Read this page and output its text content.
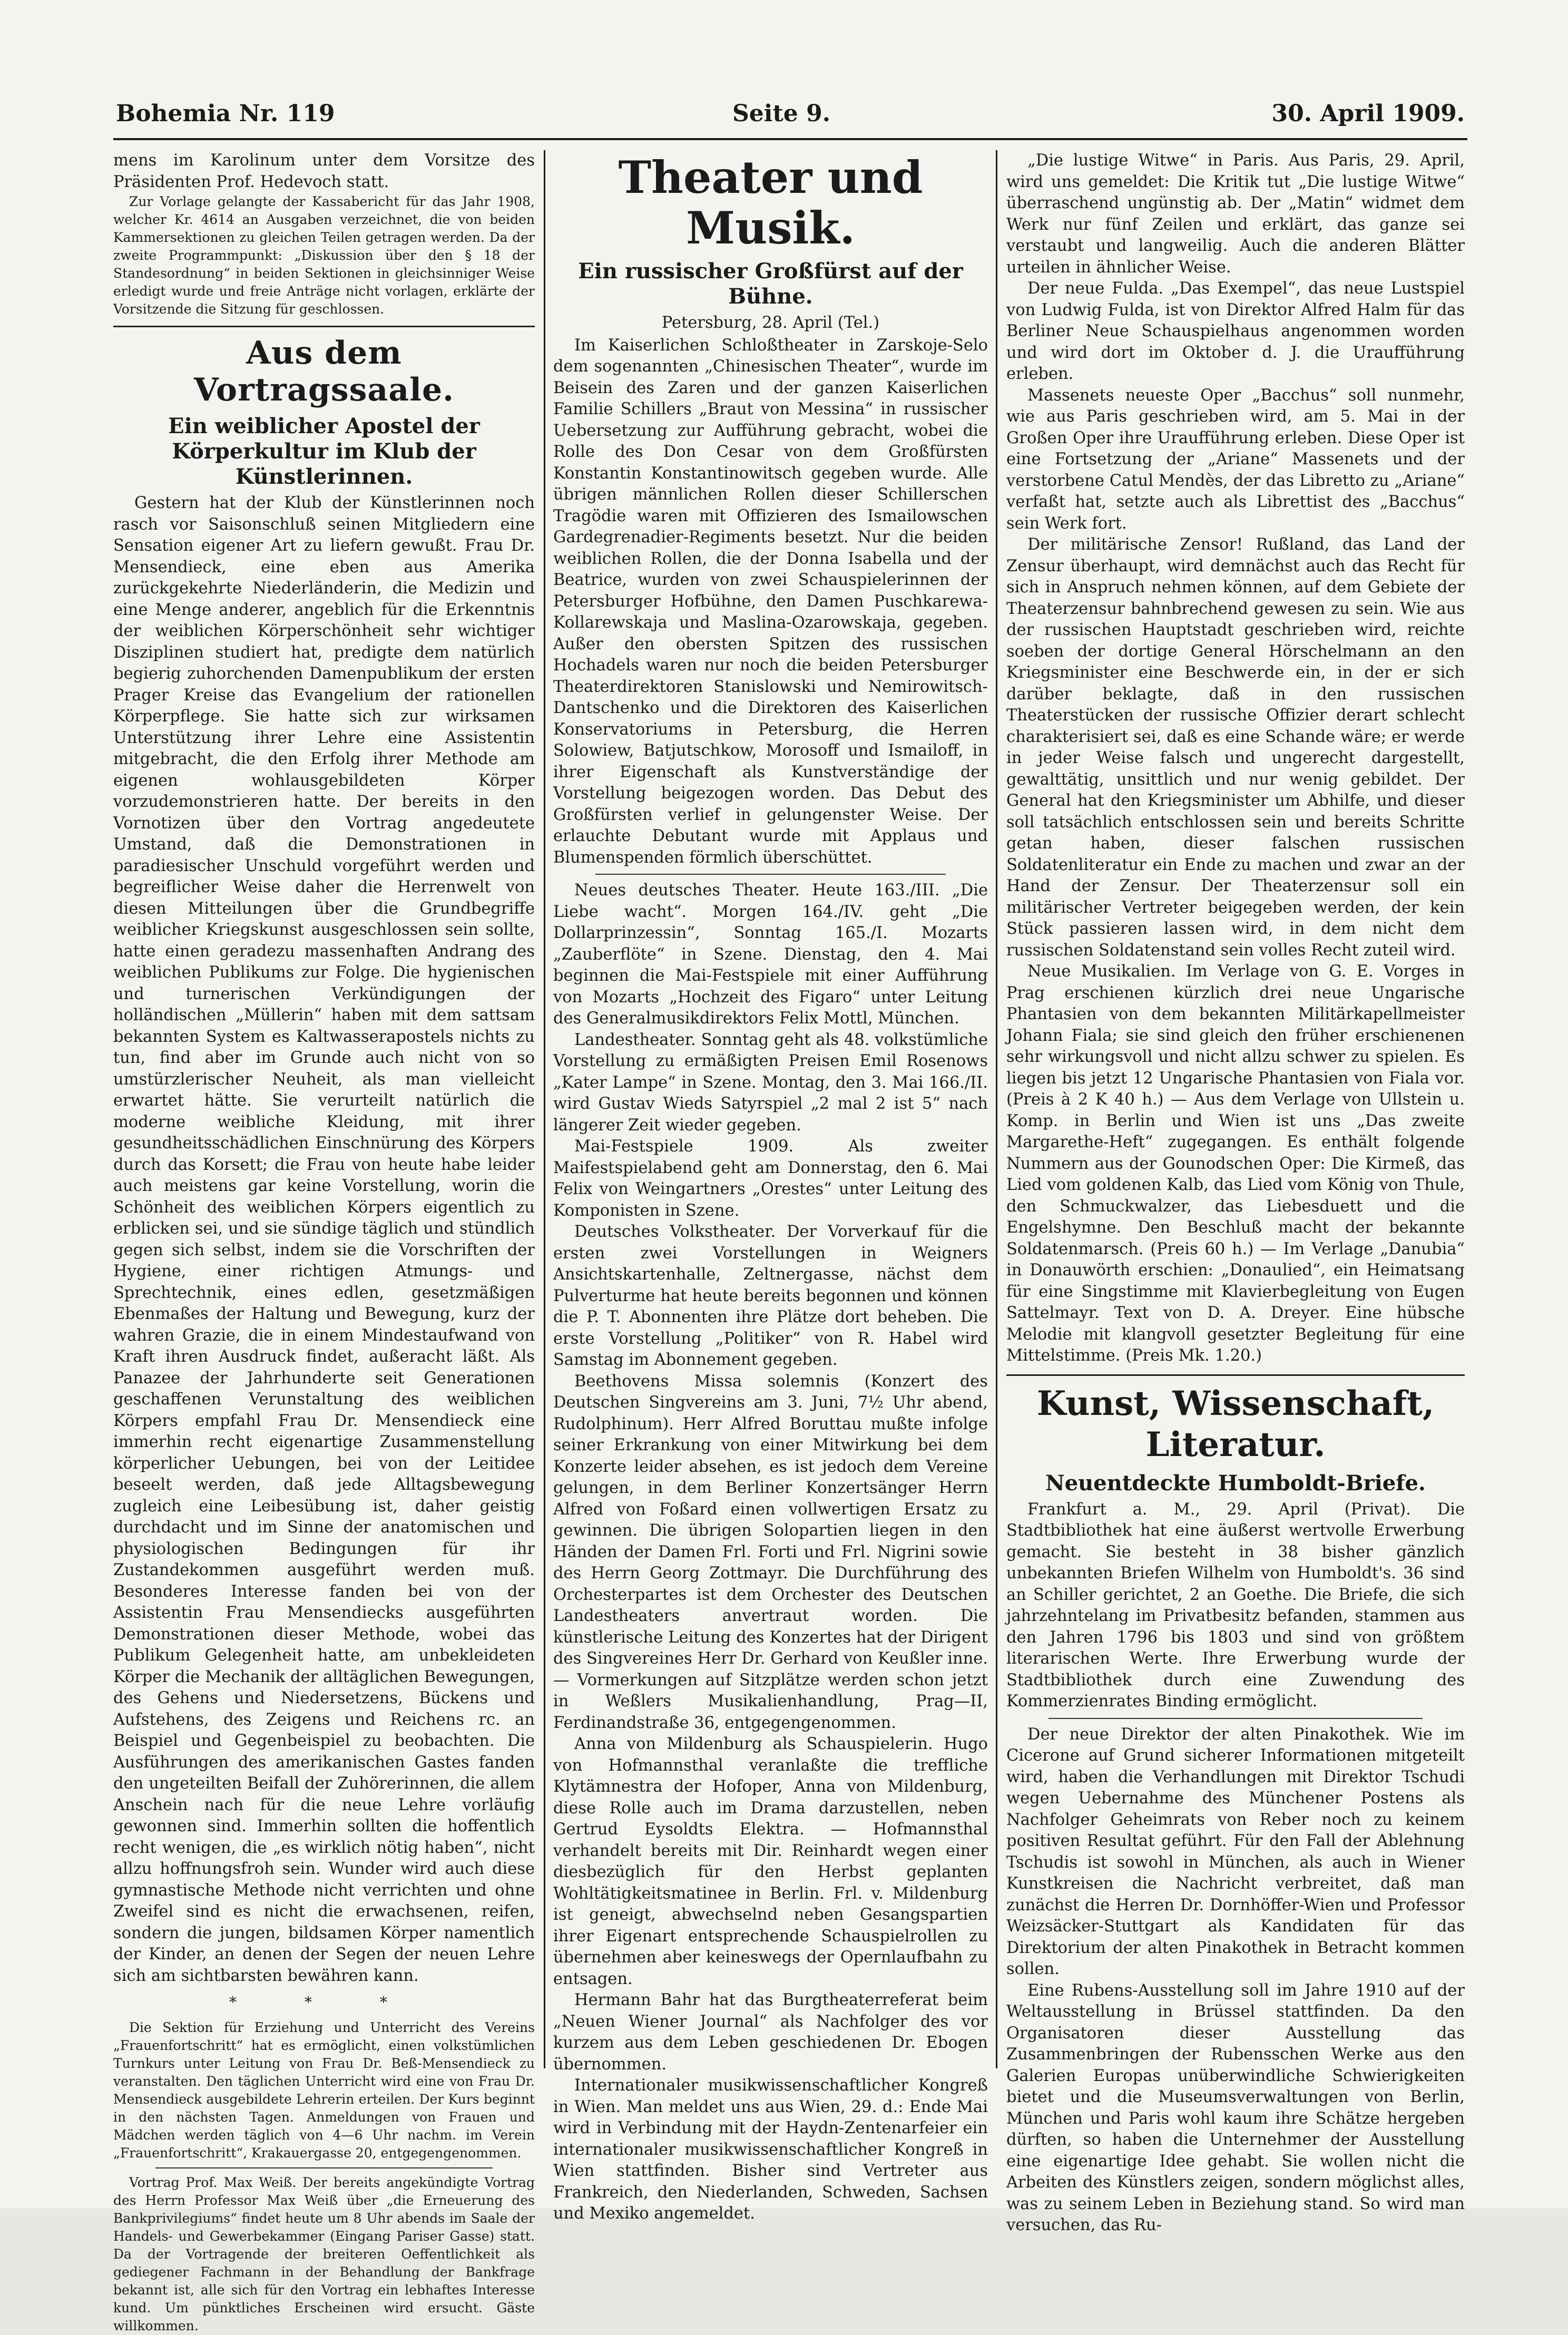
Bohemia Nr. 119	Seite 9.	30. April 1909.

mens im Karolinum unter dem Vorsitze des Präsidenten Prof. Hedevoch statt.

Zur Vorlage gelangte der Kassabericht für das Jahr 1908, welcher Kr. 4614 an Ausgaben verzeichnet, die von beiden Kammersektionen zu gleichen Teilen getragen werden. Da der zweite Programmpunkt: „Diskussion über den § 18 der Standesordnung“ in beiden Sektionen in gleichsinniger Weise erledigt wurde und freie Anträge nicht vorlagen, erklärte der Vorsitzende die Sitzung für geschlossen.

Aus dem Vortragssaale.
Ein weiblicher Apostel der Körperkultur im Klub der Künstlerinnen.

Gestern hat der Klub der Künstlerinnen noch rasch vor Saisonschluß seinen Mitgliedern eine Sensation eigener Art zu liefern gewußt. Frau Dr. Mensendieck, eine eben aus Amerika zurückgekehrte Niederländerin, die Medizin und eine Menge anderer, angeblich für die Erkenntnis der weiblichen Körperschönheit sehr wichtiger Disziplinen studiert hat, predigte dem natürlich begierig zuhorchenden Damenpublikum der ersten Prager Kreise das Evangelium der rationellen Körperpflege. Sie hatte sich zur wirksamen Unterstützung ihrer Lehre eine Assistentin mitgebracht, die den Erfolg ihrer Methode am eigenen wohlausgebildeten Körper vorzudemonstrieren hatte. Der bereits in den Vornotizen über den Vortrag angedeutete Umstand, daß die Demonstrationen in paradiesischer Unschuld vorgeführt werden und begreiflicher Weise daher die Herrenwelt von diesen Mitteilungen über die Grundbegriffe weiblicher Kriegskunst ausgeschlossen sein sollte, hatte einen geradezu massenhaften Andrang des weiblichen Publikums zur Folge. Die hygienischen und turnerischen Verkündigungen der holländischen „Müllerin“ haben mit dem sattsam bekannten System es Kaltwasserapostels nichts zu tun, find aber im Grunde auch nicht von so umstürzlerischer Neuheit, als man vielleicht erwartet hätte. Sie verurteilt natürlich die moderne weibliche Kleidung, mit ihrer gesundheitsschädlichen Einschnürung des Körpers durch das Korsett; die Frau von heute habe leider auch meistens gar keine Vorstellung, worin die Schönheit des weiblichen Körpers eigentlich zu erblicken sei, und sie sündige täglich und stündlich gegen sich selbst, indem sie die Vorschriften der Hygiene, einer richtigen Atmungs- und Sprechtechnik, eines edlen, gesetzmäßigen Ebenmaßes der Haltung und Bewegung, kurz der wahren Grazie, die in einem Mindestaufwand von Kraft ihren Ausdruck findet, außeracht läßt. Als Panazee der Jahrhunderte seit Generationen geschaffenen Verunstaltung des weiblichen Körpers empfahl Frau Dr. Mensendieck eine immerhin recht eigenartige Zusammenstellung körperlicher Uebungen, bei von der Leitidee beseelt werden, daß jede Alltagsbewegung zugleich eine Leibesübung ist, daher geistig durchdacht und im Sinne der anatomischen und physiologischen Bedingungen für ihr Zustandekommen ausgeführt werden muß. Besonderes Interesse fanden bei von der Assistentin Frau Mensendiecks ausgeführten Demonstrationen dieser Methode, wobei das Publikum Gelegenheit hatte, am unbekleideten Körper die Mechanik der alltäglichen Bewegungen, des Gehens und Niedersetzens, Bückens und Aufstehens, des Zeigens und Reichens rc. an Beispiel und Gegenbeispiel zu beobachten. Die Ausführungen des amerikanischen Gastes fanden den ungeteilten Beifall der Zuhörerinnen, die allem Anschein nach für die neue Lehre vorläufig gewonnen sind. Immerhin sollten die hoffentlich recht wenigen, die „es wirklich nötig haben“, nicht allzu hoffnungsfroh sein. Wunder wird auch diese gymnastische Methode nicht verrichten und ohne Zweifel sind es nicht die erwachsenen, reifen, sondern die jungen, bildsamen Körper namentlich der Kinder, an denen der Segen der neuen Lehre sich am sichtbarsten bewähren kann.

* * *

Die Sektion für Erziehung und Unterricht des Vereins „Frauenfortschritt“ hat es ermöglicht, einen volkstümlichen Turnkurs unter Leitung von Frau Dr. Beß-Mensendieck zu veranstalten. Den täglichen Unterricht wird eine von Frau Dr. Mensendieck ausgebildete Lehrerin erteilen. Der Kurs beginnt in den nächsten Tagen. Anmeldungen von Frauen und Mädchen werden täglich von 4—6 Uhr nachm. im Verein „Frauenfortschritt“, Krakauergasse 20, entgegengenommen.

Vortrag Prof. Max Weiß. Der bereits angekündigte Vortrag des Herrn Professor Max Weiß über „die Erneuerung des Bankprivilegiums“ findet heute um 8 Uhr abends im Saale der Handels- und Gewerbekammer (Eingang Pariser Gasse) statt. Da der Vortragende der breiteren Oeffentlichkeit als gediegener Fachmann in der Behandlung der Bankfrage bekannt ist, alle sich für den Vortrag ein lebhaftes Interesse kund. Um pünktliches Erscheinen wird ersucht. Gäste willkommen.

Theater und Musik.
Ein russischer Großfürst auf der Bühne.

Petersburg, 28. April (Tel.)

Im Kaiserlichen Schloßtheater in Zarskoje-Selo dem sogenannten „Chinesischen Theater“, wurde im Beisein des Zaren und der ganzen Kaiserlichen Familie Schillers „Braut von Messina“ in russischer Uebersetzung zur Aufführung gebracht, wobei die Rolle des Don Cesar von dem Großfürsten Konstantin Konstantinowitsch gegeben wurde. Alle übrigen männlichen Rollen dieser Schillerschen Tragödie waren mit Offizieren des Ismailowschen Gardegrenadier-Regiments besetzt. Nur die beiden weiblichen Rollen, die der Donna Isabella und der Beatrice, wurden von zwei Schauspielerinnen der Petersburger Hofbühne, den Damen Puschkarewa-Kollarewskaja und Maslina-Ozarowskaja, gegeben. Außer den obersten Spitzen des russischen Hochadels waren nur noch die beiden Petersburger Theaterdirektoren Stanislowski und Nemirowitsch-Dantschenko und die Direktoren des Kaiserlichen Konservatoriums in Petersburg, die Herren Solowiew, Batjutschkow, Morosoff und Ismailoff, in ihrer Eigenschaft als Kunstverständige der Vorstellung beigezogen worden. Das Debut des Großfürsten verlief in gelungenster Weise. Der erlauchte Debutant wurde mit Applaus und Blumenspenden förmlich überschüttet.

Neues deutsches Theater. Heute 163./III. „Die Liebe wacht“. Morgen 164./IV. geht „Die Dollarprinzessin“, Sonntag 165./I. Mozarts „Zauberflöte“ in Szene. Dienstag, den 4. Mai beginnen die Mai-Festspiele mit einer Aufführung von Mozarts „Hochzeit des Figaro“ unter Leitung des Generalmusikdirektors Felix Mottl, München.

Landestheater. Sonntag geht als 48. volkstümliche Vorstellung zu ermäßigten Preisen Emil Rosenows „Kater Lampe“ in Szene. Montag, den 3. Mai 166./II. wird Gustav Wieds Satyrspiel „2 mal 2 ist 5“ nach längerer Zeit wieder gegeben.

Mai-Festspiele 1909. Als zweiter Maifestspielabend geht am Donnerstag, den 6. Mai Felix von Weingartners „Orestes“ unter Leitung des Komponisten in Szene.

Deutsches Volkstheater. Der Vorverkauf für die ersten zwei Vorstellungen in Weigners Ansichtskartenhalle, Zeltnergasse, nächst dem Pulverturme hat heute bereits begonnen und können die P. T. Abonnenten ihre Plätze dort beheben. Die erste Vorstellung „Politiker“ von R. Habel wird Samstag im Abonnement gegeben.

Beethovens Missa solemnis (Konzert des Deutschen Singvereins am 3. Juni, 7½ Uhr abend, Rudolphinum). Herr Alfred Boruttau mußte infolge seiner Erkrankung von einer Mitwirkung bei dem Konzerte leider absehen, es ist jedoch dem Vereine gelungen, in dem Berliner Konzertsänger Herrn Alfred von Foßard einen vollwertigen Ersatz zu gewinnen. Die übrigen Solopartien liegen in den Händen der Damen Frl. Forti und Frl. Nigrini sowie des Herrn Georg Zottmayr. Die Durchführung des Orchesterpartes ist dem Orchester des Deutschen Landestheaters anvertraut worden. Die künstlerische Leitung des Konzertes hat der Dirigent des Singvereines Herr Dr. Gerhard von Keußler inne. — Vormerkungen auf Sitzplätze werden schon jetzt in Weßlers Musikalienhandlung, Prag—II, Ferdinandstraße 36, entgegengenommen.

Anna von Mildenburg als Schauspielerin. Hugo von Hofmannsthal veranlaßte die treffliche Klytämnestra der Hofoper, Anna von Mildenburg, diese Rolle auch im Drama darzustellen, neben Gertrud Eysoldts Elektra. — Hofmannsthal verhandelt bereits mit Dir. Reinhardt wegen einer diesbezüglich für den Herbst geplanten Wohltätigkeitsmatinee in Berlin. Frl. v. Mildenburg ist geneigt, abwechselnd neben Gesangspartien ihrer Eigenart entsprechende Schauspielrollen zu übernehmen aber keineswegs der Opernlaufbahn zu entsagen.

Hermann Bahr hat das Burgtheaterreferat beim „Neuen Wiener Journal“ als Nachfolger des vor kurzem aus dem Leben geschiedenen Dr. Ebogen übernommen.

Internationaler musikwissenschaftlicher Kongreß in Wien. Man meldet uns aus Wien, 29. d.: Ende Mai wird in Verbindung mit der Haydn-Zentenarfeier ein internationaler musikwissenschaftlicher Kongreß in Wien stattfinden. Bisher sind Vertreter aus Frankreich, den Niederlanden, Schweden, Sachsen und Mexiko angemeldet.

„Die lustige Witwe“ in Paris. Aus Paris, 29. April, wird uns gemeldet: Die Kritik tut „Die lustige Witwe“ überraschend ungünstig ab. Der „Matin“ widmet dem Werk nur fünf Zeilen und erklärt, das ganze sei verstaubt und langweilig. Auch die anderen Blätter urteilen in ähnlicher Weise.

Der neue Fulda. „Das Exempel“, das neue Lustspiel von Ludwig Fulda, ist von Direktor Alfred Halm für das Berliner Neue Schauspielhaus angenommen worden und wird dort im Oktober d. J. die Uraufführung erleben.

Massenets neueste Oper „Bacchus“ soll nunmehr, wie aus Paris geschrieben wird, am 5. Mai in der Großen Oper ihre Uraufführung erleben. Diese Oper ist eine Fortsetzung der „Ariane“ Massenets und der verstorbene Catul Mendès, der das Libretto zu „Ariane“ verfaßt hat, setzte auch als Librettist des „Bacchus“ sein Werk fort.

Der militärische Zensor! Rußland, das Land der Zensur überhaupt, wird demnächst auch das Recht für sich in Anspruch nehmen können, auf dem Gebiete der Theaterzensur bahnbrechend gewesen zu sein. Wie aus der russischen Hauptstadt geschrieben wird, reichte soeben der dortige General Hörschelmann an den Kriegsminister eine Beschwerde ein, in der er sich darüber beklagte, daß in den russischen Theaterstücken der russische Offizier derart schlecht charakterisiert sei, daß es eine Schande wäre; er werde in jeder Weise falsch und ungerecht dargestellt, gewalttätig, unsittlich und nur wenig gebildet. Der General hat den Kriegsminister um Abhilfe, und dieser soll tatsächlich entschlossen sein und bereits Schritte getan haben, dieser falschen russischen Soldatenliteratur ein Ende zu machen und zwar an der Hand der Zensur. Der Theaterzensur soll ein militärischer Vertreter beigegeben werden, der kein Stück passieren lassen wird, in dem nicht dem russischen Soldatenstand sein volles Recht zuteil wird.

Neue Musikalien. Im Verlage von G. E. Vorges in Prag erschienen kürzlich drei neue Ungarische Phantasien von dem bekannten Militärkapellmeister Johann Fiala; sie sind gleich den früher erschienenen sehr wirkungsvoll und nicht allzu schwer zu spielen. Es liegen bis jetzt 12 Ungarische Phantasien von Fiala vor. (Preis à 2 K 40 h.) — Aus dem Verlage von Ullstein u. Komp. in Berlin und Wien ist uns „Das zweite Margarethe-Heft“ zugegangen. Es enthält folgende Nummern aus der Gounodschen Oper: Die Kirmeß, das Lied vom goldenen Kalb, das Lied vom König von Thule, den Schmuckwalzer, das Liebesduett und die Engelshymne. Den Beschluß macht der bekannte Soldatenmarsch. (Preis 60 h.) — Im Verlage „Danubia“ in Donauwörth erschien: „Donaulied“, ein Heimatsang für eine Singstimme mit Klavierbegleitung von Eugen Sattelmayr. Text von D. A. Dreyer. Eine hübsche Melodie mit klangvoll gesetzter Begleitung für eine Mittelstimme. (Preis Mk. 1.20.)

Kunst, Wissenschaft, Literatur.
Neuentdeckte Humboldt-Briefe.

Frankfurt a. M., 29. April (Privat). Die Stadtbibliothek hat eine äußerst wertvolle Erwerbung gemacht. Sie besteht in 38 bisher gänzlich unbekannten Briefen Wilhelm von Humboldt's. 36 sind an Schiller gerichtet, 2 an Goethe. Die Briefe, die sich jahrzehntelang im Privatbesitz befanden, stammen aus den Jahren 1796 bis 1803 und sind von größtem literarischen Werte. Ihre Erwerbung wurde der Stadtbibliothek durch eine Zuwendung des Kommerzienrates Binding ermöglicht.

Der neue Direktor der alten Pinakothek. Wie im Cicerone auf Grund sicherer Informationen mitgeteilt wird, haben die Verhandlungen mit Direktor Tschudi wegen Uebernahme des Münchener Postens als Nachfolger Geheimrats von Reber noch zu keinem positiven Resultat geführt. Für den Fall der Ablehnung Tschudis ist sowohl in München, als auch in Wiener Kunstkreisen die Nachricht verbreitet, daß man zunächst die Herren Dr. Dornhöffer-Wien und Professor Weizsäcker-Stuttgart als Kandidaten für das Direktorium der alten Pinakothek in Betracht kommen sollen.

Eine Rubens-Ausstellung soll im Jahre 1910 auf der Weltausstellung in Brüssel stattfinden. Da den Organisatoren dieser Ausstellung das Zusammenbringen der Rubensschen Werke aus den Galerien Europas unüberwindliche Schwierigkeiten bietet und die Museumsverwaltungen von Berlin, München und Paris wohl kaum ihre Schätze hergeben dürften, so haben die Unternehmer der Ausstellung eine eigenartige Idee gehabt. Sie wollen nicht die Arbeiten des Künstlers zeigen, sondern möglichst alles, was zu seinem Leben in Beziehung stand. So wird man versuchen, das Ru-
